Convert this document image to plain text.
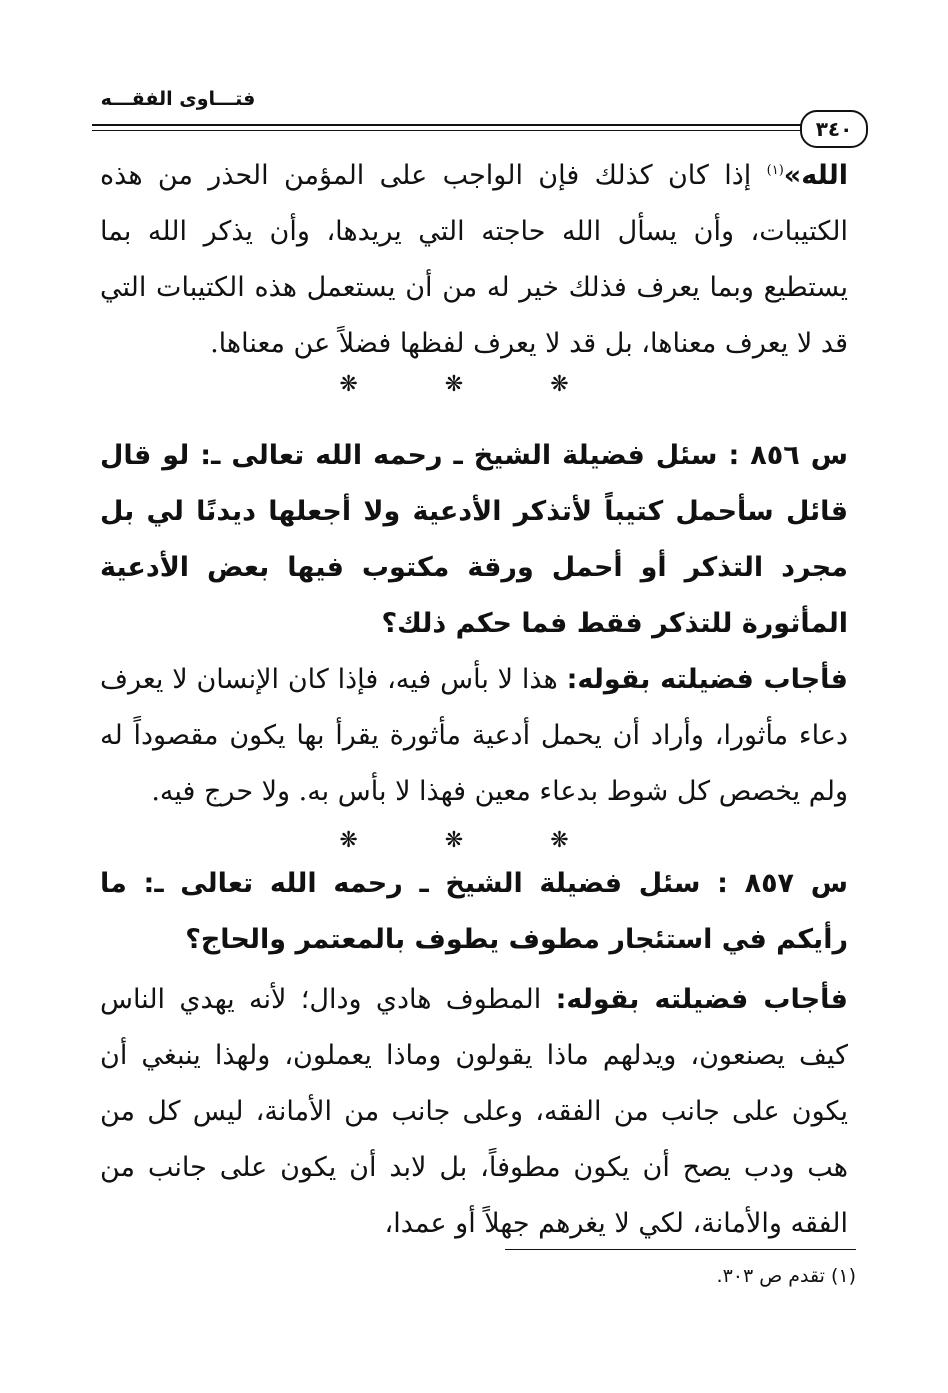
فتـــاوى الفقـــه
٣٤٠

الله»$^{(١)}$ إذا كان كذلك فإن الواجب على المؤمن الحذر من هذه الكتيبات، وأن يسأل الله حاجته التي يريدها، وأن يذكر الله بما يستطيع وبما يعرف فذلك خير له من أن يستعمل هذه الكتيبات التي قد لا يعرف معناها، بل قد لا يعرف لفظها فضلاً عن معناها.

❋ ❋ ❋

س ٨٥٦ : سئل فضيلة الشيخ ـ رحمه الله تعالى ـ: لو قال قائل سأحمل كتيباً لأتذكر الأدعية ولا أجعلها ديدنًا لي بل مجرد التذكر أو أحمل ورقة مكتوب فيها بعض الأدعية المأثورة للتذكر فقط فما حكم ذلك؟

فأجاب فضيلته بقوله: هذا لا بأس فيه، فإذا كان الإنسان لا يعرف دعاء مأثورا، وأراد أن يحمل أدعية مأثورة يقرأ بها يكون مقصوداً له ولم يخصص كل شوط بدعاء معين فهذا لا بأس به. ولا حرج فيه.

❋ ❋ ❋

س ٨٥٧ : سئل فضيلة الشيخ ـ رحمه الله تعالى ـ: ما رأيكم في استئجار مطوف يطوف بالمعتمر والحاج؟

فأجاب فضيلته بقوله: المطوف هادي ودال؛ لأنه يهدي الناس كيف يصنعون، ويدلهم ماذا يقولون وماذا يعملون، ولهذا ينبغي أن يكون على جانب من الفقه، وعلى جانب من الأمانة، ليس كل من هب ودب يصح أن يكون مطوفاً، بل لابد أن يكون على جانب من الفقه والأمانة، لكي لا يغرهم جهلاً أو عمدا،

(١) تقدم ص ٣٠٣.
